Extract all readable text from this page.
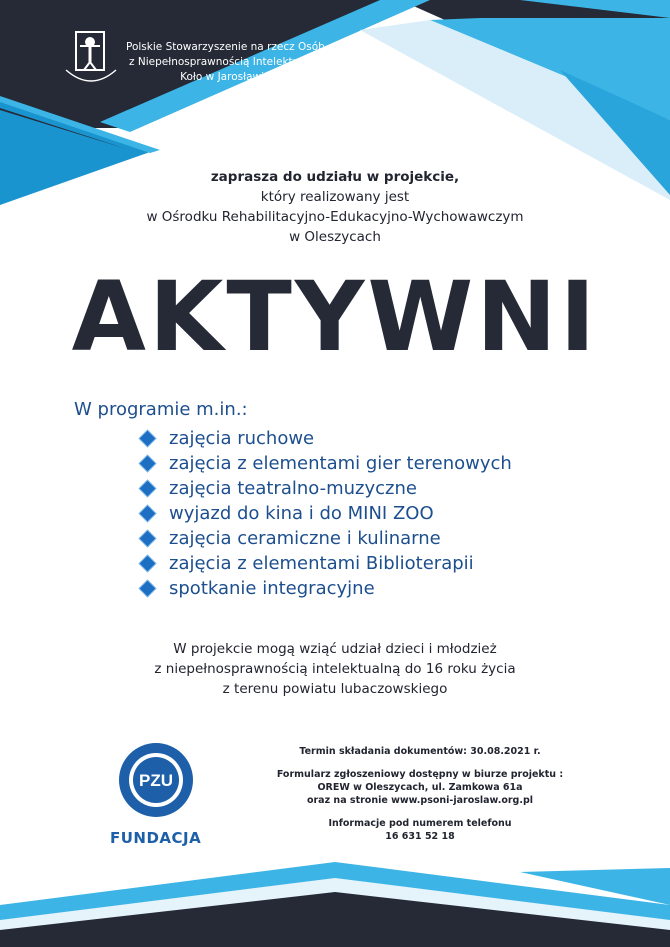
Polskie Stowarzyszenie na rzecz Osób
z Niepełnosprawnością Intelektualną
Koło w Jarosławiu
zaprasza do udziału w projekcie,
który realizowany jest
w Ośrodku Rehabilitacyjno-Edukacyjno-Wychowawczym
w Oleszycach
AKTYWNI
W programie m.in.:
zajęcia ruchowe
zajęcia z elementami gier terenowych
zajęcia teatralno-muzyczne
wyjazd do kina i do MINI ZOO
zajęcia ceramiczne i kulinarne
zajęcia z elementami Biblioterapii
spotkanie integracyjne
W projekcie mogą wziąć udział dzieci i młodzież
z niepełnosprawnością intelektualną do 16 roku życia
z terenu powiatu lubaczowskiego
PZU
FUNDACJA
Termin składania dokumentów: 30.08.2021 r.
Formularz zgłoszeniowy dostępny w biurze projektu :
OREW w Oleszycach, ul. Zamkowa 61a
oraz na stronie www.psoni-jaroslaw.org.pl
Informacje pod numerem telefonu
16 631 52 18
